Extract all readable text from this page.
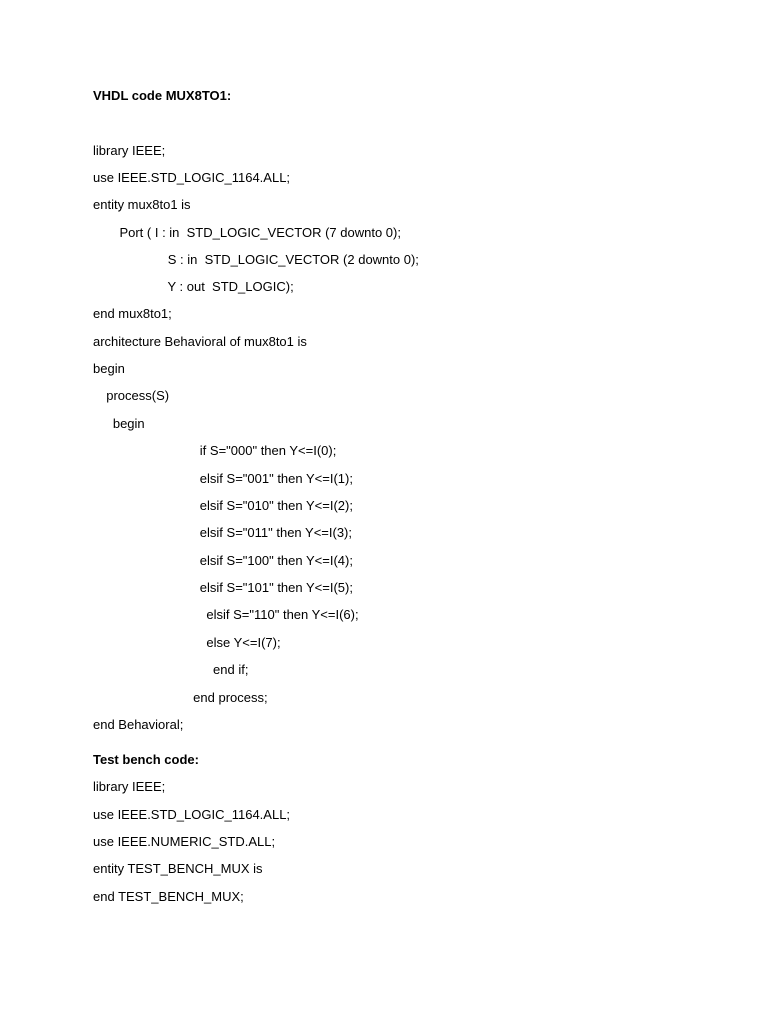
VHDL code MUX8TO1:
library IEEE;
use IEEE.STD_LOGIC_1164.ALL;
entity mux8to1 is
Port ( I : in  STD_LOGIC_VECTOR (7 downto 0);
S : in  STD_LOGIC_VECTOR (2 downto 0);
Y : out  STD_LOGIC);
end mux8to1;
architecture Behavioral of mux8to1 is
begin
process(S)
begin
if S="000" then Y<=I(0);
elsif S="001" then Y<=I(1);
elsif S="010" then Y<=I(2);
elsif S="011" then Y<=I(3);
elsif S="100" then Y<=I(4);
elsif S="101" then Y<=I(5);
elsif S="110" then Y<=I(6);
else Y<=I(7);
end if;
end process;
end Behavioral;
Test bench code:
library IEEE;
use IEEE.STD_LOGIC_1164.ALL;
use IEEE.NUMERIC_STD.ALL;
entity TEST_BENCH_MUX is
end TEST_BENCH_MUX;
